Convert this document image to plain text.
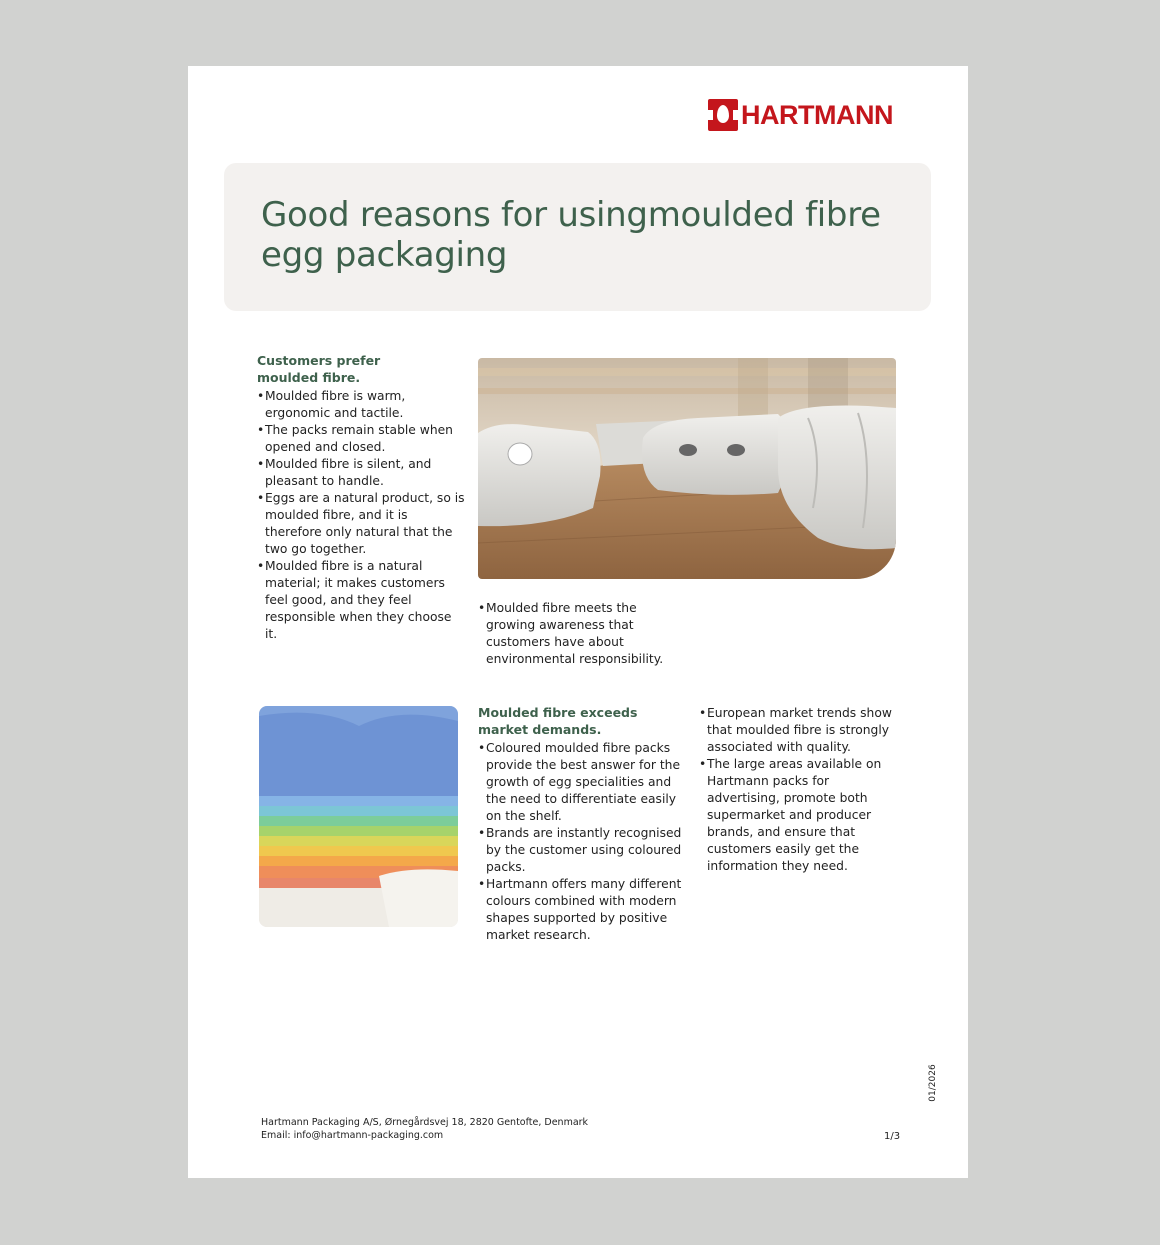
HARTMANN
Good reasons for usingmoulded fibre egg packaging

Customers prefer
moulded fibre.

• Moulded fibre is warm, ergonomic and tactile.
• The packs remain stable when opened and closed.
• Moulded fibre is silent, and pleasant to handle.
• Eggs are a natural product, so is moulded fibre, and it is therefore only natural that the two go together.
• Moulded fibre is a natural material; it makes customers feel good, and they feel responsible when they choose it.
• Moulded fibre meets the growing awareness that customers have about environmental responsibility.

Moulded fibre exceeds
market demands.

• Coloured moulded fibre packs provide the best answer for the growth of egg specialities and the need to differentiate easily on the shelf.
• Brands are instantly recognised by the customer using coloured packs.
• Hartmann offers many different colours combined with modern shapes supported by positive market research.
• European market trends show that moulded fibre is strongly associated with quality.
• The large areas available on Hartmann packs for advertising, promote both supermarket and producer brands, and ensure that customers easily get the information they need.
Hartmann Packaging A/S, Ørnegårdsvej 18, 2820 Gentofte, Denmark
Email: info@hartmann-packaging.com	1/3
01/2026
